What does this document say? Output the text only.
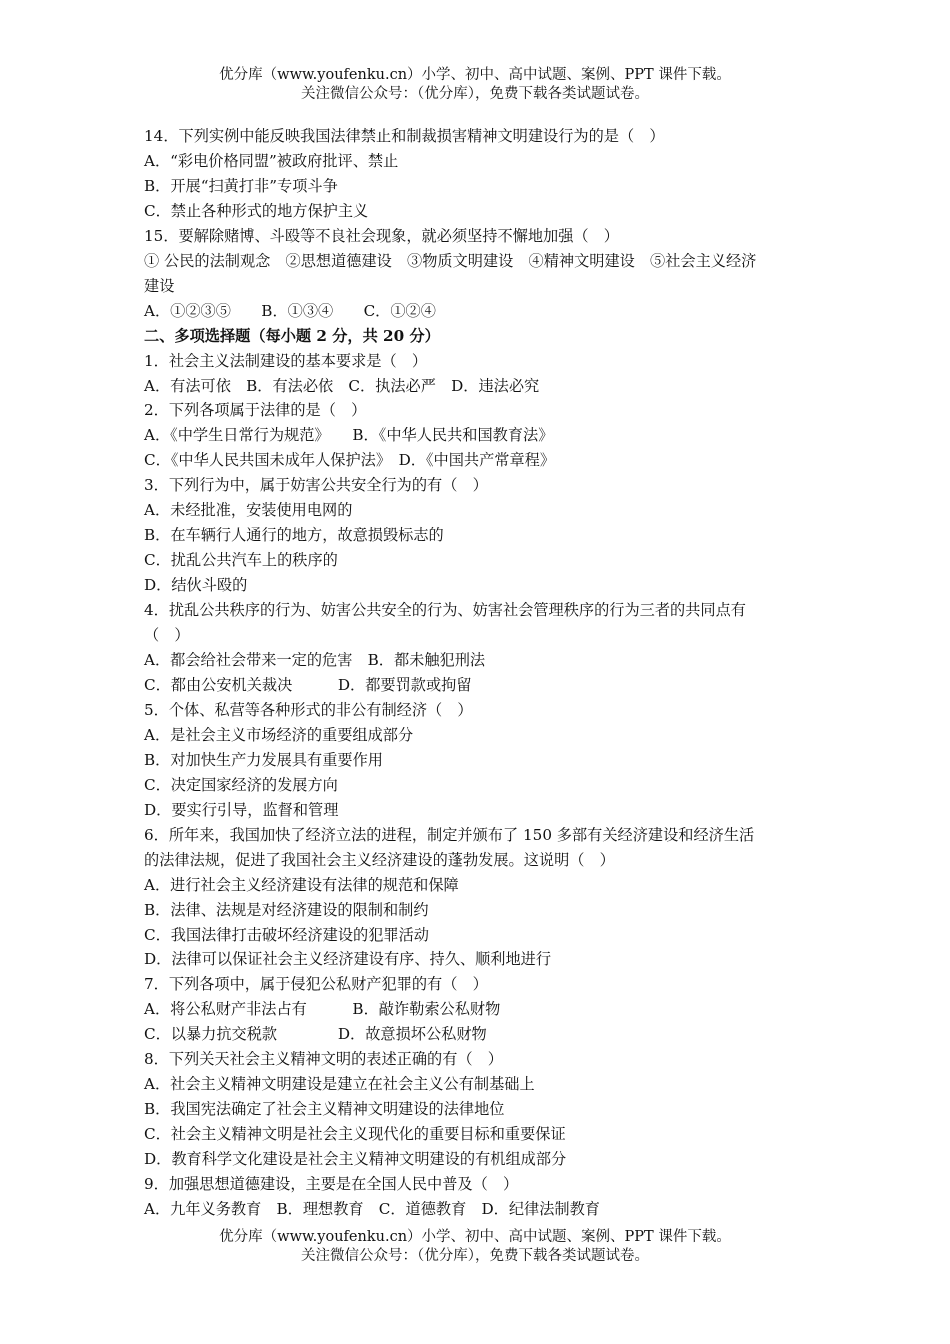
优分库（www.youfenku.cn）小学、初中、高中试题、案例、PPT 课件下载。
关注微信公众号：（优分库），免费下载各类试题试卷。
14．下列实例中能反映我国法律禁止和制裁损害精神文明建设行为的是（　）
A．“彩电价格同盟”被政府批评、禁止
B．开展“扫黄打非”专项斗争
C．禁止各种形式的地方保护主义
15．要解除赌博、斗殴等不良社会现象，就必须坚持不懈地加强（　）
① 公民的法制观念　②思想道德建设　③物质文明建设　④精神文明建设　⑤社会主义经济
建设
A．①②③⑤　　B．①③④　　C．①②④
二、多项选择题（每小题 2 分，共 20 分）
1．社会主义法制建设的基本要求是（　）
A．有法可依　B．有法必依　C．执法必严　D．违法必究
2．下列各项属于法律的是（　）
A．《中学生日常行为规范》　　B．《中华人民共和国教育法》
C．《中华人民共国未成年人保护法》　D．《中国共产常章程》
3．下列行为中，属于妨害公共安全行为的有（　）
A．未经批准，安装使用电网的
B．在车辆行人通行的地方，故意损毁标志的
C．扰乱公共汽车上的秩序的
D．结伙斗殴的
4．扰乱公共秩序的行为、妨害公共安全的行为、妨害社会管理秩序的行为三者的共同点有
（　）
A．都会给社会带来一定的危害　B．都未触犯刑法
C．都由公安机关裁决　　　D．都要罚款或拘留
5．个体、私营等各种形式的非公有制经济（　）
A．是社会主义市场经济的重要组成部分
B．对加快生产力发展具有重要作用
C．决定国家经济的发展方向
D．要实行引导，监督和管理
6．所年来，我国加快了经济立法的进程，制定并颁布了 150 多部有关经济建设和经济生活
的法律法规，促进了我国社会主义经济建设的蓬勃发展。这说明（　）
A．进行社会主义经济建设有法律的规范和保障
B．法律、法规是对经济建设的限制和制约
C．我国法律打击破坏经济建设的犯罪活动
D．法律可以保证社会主义经济建设有序、持久、顺利地进行
7．下列各项中，属于侵犯公私财产犯罪的有（　）
A．将公私财产非法占有　　　B．敲诈勒索公私财物
C．以暴力抗交税款　　　　D．故意损坏公私财物
8．下列关天社会主义精神文明的表述正确的有（　）
A．社会主义精神文明建设是建立在社会主义公有制基础上
B．我国宪法确定了社会主义精神文明建设的法律地位
C．社会主义精神文明是社会主义现代化的重要目标和重要保证
D．教育科学文化建设是社会主义精神文明建设的有机组成部分
9．加强思想道德建设，主要是在全国人民中普及（　）
A．九年义务教育　B．理想教育　C．道德教育　D．纪律法制教育
优分库（www.youfenku.cn）小学、初中、高中试题、案例、PPT 课件下载。
关注微信公众号：（优分库），免费下载各类试题试卷。
